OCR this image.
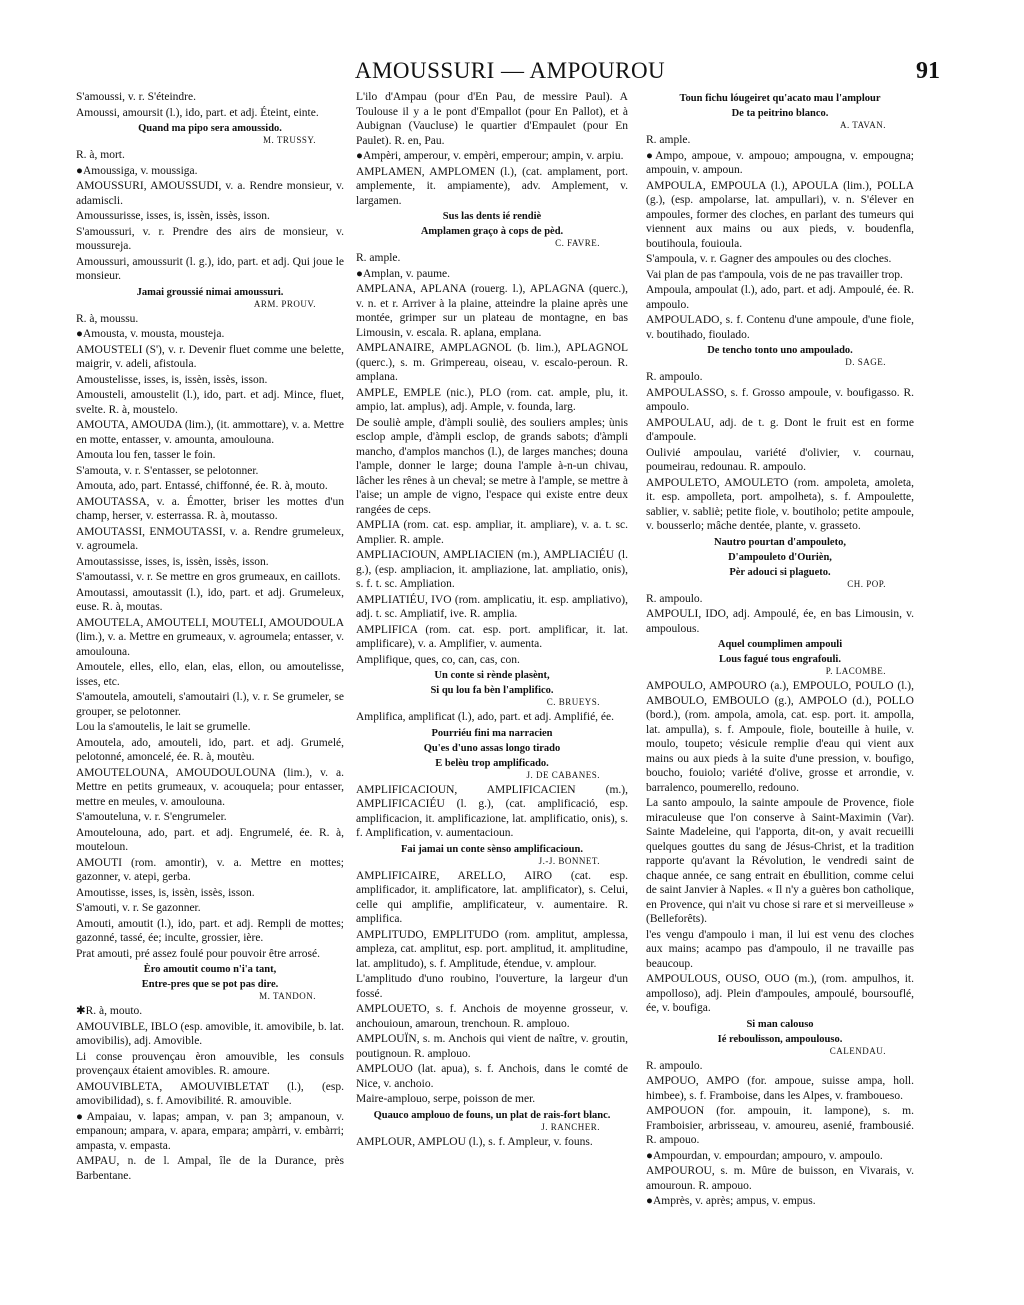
AMOUSSURI — AMPOUROU	91

S'amoussi, v. r. S'éteindre.

Amoussi, amoursit (l.), ido, part. et adj. Éteint, einte.

Quand ma pipo sera amoussido.

M. TRUSSY.

R. à, mort.

●Amoussiga, v. moussiga.

AMOUSSURI, AMOUSSUDI, v. a. Rendre monsieur, v. adamiscli.

Amoussurisse, isses, is, issèn, issès, isson.

S'amoussuri, v. r. Prendre des airs de monsieur, v. moussureja.

Amoussuri, amoussurit (l. g.), ido, part. et adj. Qui joue le monsieur.

Jamai groussié nimai amoussuri.

ARM. PROUV.

R. à, moussu.

●Amousta, v. mousta, mousteja.

AMOUSTELI (S'), v. r. Devenir fluet comme une belette, maigrir, v. adeli, afistoula.

Amoustelisse, isses, is, issèn, issès, isson.

Amousteli, amoustelit (l.), ido, part. et adj. Mince, fluet, svelte. R. à, moustelo.

AMOUTA, AMOUDA (lim.), (it. ammottare), v. a. Mettre en motte, entasser, v. amounta, amoulouna.

Amouta lou fen, tasser le foin.

S'amouta, v. r. S'entasser, se pelotonner.

Amouta, ado, part. Entassé, chiffonné, ée. R. à, mouto.

AMOUTASSA, v. a. Émotter, briser les mottes d'un champ, herser, v. esterrassa. R. à, moutasso.

AMOUTASSI, ENMOUTASSI, v. a. Rendre grumeleux, v. agroumela.

Amoutassisse, isses, is, issèn, issès, isson.

S'amoutassi, v. r. Se mettre en gros grumeaux, en caillots.

Amoutassi, amoutassit (l.), ido, part. et adj. Grumeleux, euse. R. à, moutas.

AMOUTELA, AMOUTELI, MOUTELI, AMOUDOULA (lim.), v. a. Mettre en grumeaux, v. agroumela; entasser, v. amoulouna.

Amoutele, elles, ello, elan, elas, ellon, ou amoutelisse, isses, etc.

S'amoutela, amouteli, s'amoutairi (l.), v. r. Se grumeler, se grouper, se pelotonner.

Lou la s'amoutelis, le lait se grumelle.

Amoutela, ado, amouteli, ido, part. et adj. Grumelé, pelotonné, amoncelé, ée. R. à, moutèu.

AMOUTELOUNA, AMOUDOULOUNA (lim.), v. a. Mettre en petits grumeaux, v. acouquela; pour entasser, mettre en meules, v. amoulouna.

S'amouteluna, v. r. S'engrumeler.

Amoutelouna, ado, part. et adj. Engrumelé, ée. R. à, mouteloun.

AMOUTI (rom. amontir), v. a. Mettre en mottes; gazonner, v. atepi, gerba.

Amoutisse, isses, is, issèn, issès, isson.

S'amouti, v. r. Se gazonner.

Amouti, amoutit (l.), ido, part. et adj. Rempli de mottes; gazonné, tassé, ée; inculte, grossier, ière.

Prat amouti, pré assez foulé pour pouvoir être arrosé.

Èro amoutit coumo n'i'a tant,

Entre-pres que se pot pas dire.

M. TANDON.

✱R. à, mouto.

AMOUVIBLE, IBLO (esp. amovible, it. amovibile, b. lat. amovibilis), adj. Amovible.

Li conse prouvençau èron amouvible, les consuls provençaux étaient amovibles. R. amoure.

AMOUVIBLETA, AMOUVIBLETAT (l.), (esp. amovibilidad), s. f. Amovibilité. R. amouvible.

●Ampaiau, v. lapas; ampan, v. pan 3; ampanoun, v. empanoun; ampara, v. apara, empara; ampàrri, v. embàrri; ampasta, v. empasta.

AMPAU, n. de l. Ampal, île de la Durance, près Barbentane.

L'ilo d'Ampau (pour d'En Pau, de messire Paul). A Toulouse il y a le pont d'Empallot (pour En Pallot), et à Aubignan (Vaucluse) le quartier d'Empaulet (pour En Paulet). R. en, Pau.

●Ampèri, amperour, v. empèri, emperour; ampin, v. arpiu.

AMPLAMEN, AMPLOMEN (l.), (cat. amplament, port. amplemente, it. ampiamente), adv. Amplement, v. largamen.

Sus las dents ié rendiè

Amplamen graço à cops de pèd.

C. FAVRE.

R. ample.

●Amplan, v. paume.

AMPLANA, APLANA (rouerg. l.), APLAGNA (querc.), v. n. et r. Arriver à la plaine, atteindre la plaine après une montée, grimper sur un plateau de montagne, en bas Limousin, v. escala. R. aplana, emplana.

AMPLANAIRE, AMPLAGNOL (b. lim.), APLAGNOL (querc.), s. m. Grimpereau, oiseau, v. escalo-peroun. R. amplana.

AMPLE, EMPLE (nic.), PLO (rom. cat. ample, plu, it. ampio, lat. amplus), adj. Ample, v. founda, larg.

De souliè ample, d'àmpli souliè, des souliers amples; ùnis esclop ample, d'àmpli esclop, de grands sabots; d'àmpli mancho, d'amplos manchos (l.), de larges manches; douna l'ample, donner le large; douna l'ample à-n-un chivau, lâcher les rênes à un cheval; se metre à l'ample, se mettre à l'aise; un ample de vigno, l'espace qui existe entre deux rangées de ceps.

AMPLIA (rom. cat. esp. ampliar, it. ampliare), v. a. t. sc. Amplier. R. ample.

AMPLIACIOUN, AMPLIACIEN (m.), AMPLIACIÉU (l. g.), (esp. ampliacion, it. ampliazione, lat. ampliatio, onis), s. f. t. sc. Ampliation.

AMPLIATIÉU, IVO (rom. amplicatiu, it. esp. ampliativo), adj. t. sc. Ampliatif, ive. R. amplia.

AMPLIFICA (rom. cat. esp. port. amplificar, it. lat. amplificare), v. a. Amplifier, v. aumenta.

Amplifique, ques, co, can, cas, con.

Un conte si rènde plasènt,

Si qu lou fa bèn l'amplifico.

C. BRUEYS.

Amplifica, amplificat (l.), ado, part. et adj. Amplifié, ée.

Pourriéu fini ma narracien

Qu'es d'uno assas longo tirado

E belèu trop amplificado.

J. DE CABANES.

AMPLIFICACIOUN, AMPLIFICACIEN (m.), AMPLIFICACIÉU (l. g.), (cat. amplificació, esp. amplificacion, it. amplificazione, lat. amplificatio, onis), s. f. Amplification, v. aumentacioun.

Fai jamai un conte sènso amplificacioun.

J.-J. BONNET.

AMPLIFICAIRE, ARELLO, AIRO (cat. esp. amplificador, it. amplificatore, lat. amplificator), s. Celui, celle qui amplifie, amplificateur, v. aumentaire. R. amplifica.

AMPLITUDO, EMPLITUDO (rom. amplitut, amplessa, ampleza, cat. amplitut, esp. port. amplitud, it. amplitudine, lat. amplitudo), s. f. Amplitude, étendue, v. amplour.

L'amplitudo d'uno roubino, l'ouverture, la largeur d'un fossé.

AMPLOUETO, s. f. Anchois de moyenne grosseur, v. anchouioun, amaroun, trenchoun. R. amplouo.

AMPLOUÏN, s. m. Anchois qui vient de naître, v. groutin, poutignoun. R. amplouo.

AMPLOUO (lat. apua), s. f. Anchois, dans le comté de Nice, v. anchoio.

Maire-amplouo, serpe, poisson de mer.

Quauco amplouo de founs, un plat de rais-fort blanc.

J. RANCHER.

AMPLOUR, AMPLOU (l.), s. f. Ampleur, v. founs.

Toun fichu lóugeiret qu'acato mau l'amplour

De ta peitrino blanco.

A. TAVAN.

R. ample.

●Ampo, ampoue, v. ampouo; ampougna, v. empougna; ampouin, v. ampoun.

AMPOULA, EMPOULA (l.), APOULA (lim.), POLLA (g.), (esp. ampolarse, lat. ampullari), v. n. S'élever en ampoules, former des cloches, en parlant des tumeurs qui viennent aux mains ou aux pieds, v. boudenfla, boutihoula, fouioula.

S'ampoula, v. r. Gagner des ampoules ou des cloches.

Vai plan de pas t'ampoula, vois de ne pas travailler trop.

Ampoula, ampoulat (l.), ado, part. et adj. Ampoulé, ée. R. ampoulo.

AMPOULADO, s. f. Contenu d'une ampoule, d'une fiole, v. boutihado, fioulado.

De tencho tonto uno ampoulado.

D. SAGE.

R. ampoulo.

AMPOULASSO, s. f. Grosso ampoule, v. boufigasso. R. ampoulo.

AMPOULAU, adj. de t. g. Dont le fruit est en forme d'ampoule.

Oulivié ampoulau, variété d'olivier, v. cournau, poumeirau, redounau. R. ampoulo.

AMPOULETO, AMOULETO (rom. ampoleta, amoleta, it. esp. ampolleta, port. ampolheta), s. f. Ampoulette, sablier, v. sabliè; petite fiole, v. boutiholo; petite ampoule, v. bousserlo; mâche dentée, plante, v. grasseto.

Nautro pourtan d'ampouleto,

D'ampouleto d'Ourièn,

Pèr adouci si plagueto.

CH. POP.

R. ampoulo.

AMPOULI, IDO, adj. Ampoulé, ée, en bas Limousin, v. ampoulous.

Aquel coumplimen ampouli

Lous fagué tous engrafouli.

P. LACOMBE.

AMPOULO, AMPOURO (a.), EMPOULO, POULO (l.), AMBOULO, EMBOULO (g.), AMPOLO (d.), POLLO (bord.), (rom. ampola, amola, cat. esp. port. it. ampolla, lat. ampulla), s. f. Ampoule, fiole, bouteille à huile, v. moulo, toupeto; vésicule remplie d'eau qui vient aux mains ou aux pieds à la suite d'une pression, v. boufigo, boucho, fouiolo; variété d'olive, grosse et arrondie, v. barralenco, poumerello, redouno.

La santo ampoulo, la sainte ampoule de Provence, fiole miraculeuse que l'on conserve à Saint-Maximin (Var). Sainte Madeleine, qui l'apporta, dit-on, y avait recueilli quelques gouttes du sang de Jésus-Christ, et la tradition rapporte qu'avant la Révolution, le vendredi saint de chaque année, ce sang entrait en ébullition, comme celui de saint Janvier à Naples. « Il n'y a guères bon catholique, en Provence, qui n'ait vu chose si rare et si merveilleuse » (Belleforêts).

l'es vengu d'ampoulo i man, il lui est venu des cloches aux mains; acampo pas d'ampoulo, il ne travaille pas beaucoup.

AMPOULOUS, OUSO, OUO (m.), (rom. ampulhos, it. ampolloso), adj. Plein d'ampoules, ampoulé, boursouflé, ée, v. boufiga.

Si man calouso

Ié reboulisson, ampoulouso.

CALENDAU.

R. ampoulo.

AMPOUO, AMPO (for. ampoue, suisse ampa, holl. himbee), s. f. Framboise, dans les Alpes, v. framboueso.

AMPOUON (for. ampouin, it. lampone), s. m. Framboisier, arbrisseau, v. amoureu, asenié, frambousié. R. ampouo.

●Ampourdan, v. empourdan; ampouro, v. ampoulo.

AMPOUROU, s. m. Mûre de buisson, en Vivarais, v. amouroun. R. ampouo.

●Amprès, v. après; ampus, v. empus.
